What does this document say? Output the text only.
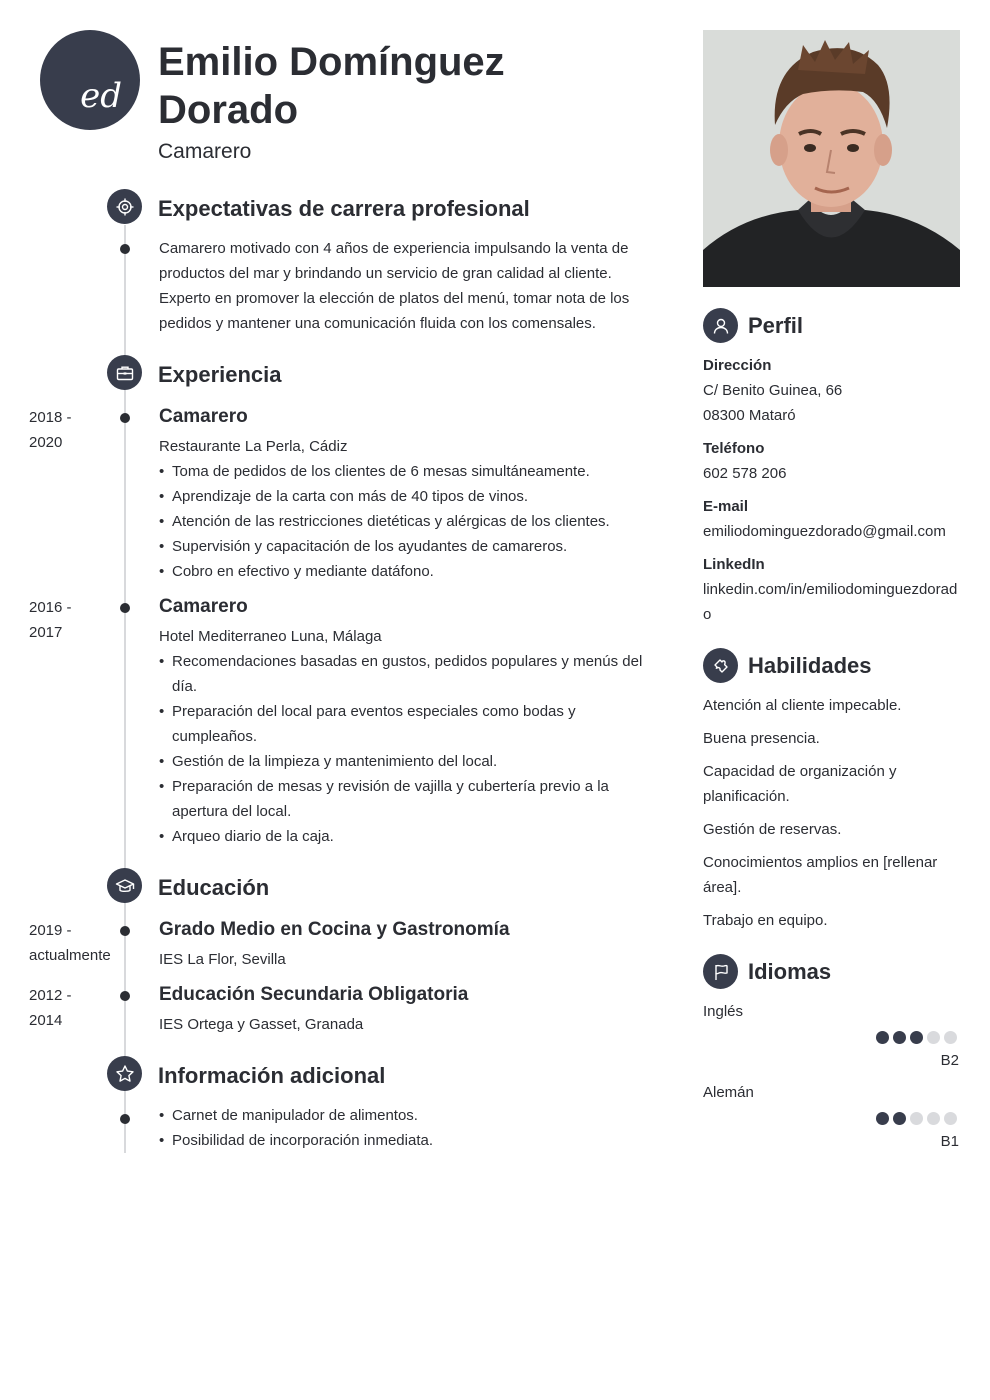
ed
Emilio Domínguez Dorado
Camarero
Expectativas de carrera profesional
Camarero motivado con 4 años de experiencia impulsando la venta de productos del mar y brindando un servicio de gran calidad al cliente. Experto en promover la elección de platos del menú, tomar nota de los pedidos y mantener una comunicación fluida con los comensales.
Experiencia
2018 -
2020
Camarero
Restaurante La Perla, Cádiz
• Toma de pedidos de los clientes de 6 mesas simultáneamente.
• Aprendizaje de la carta con más de 40 tipos de vinos.
• Atención de las restricciones dietéticas y alérgicas de los clientes.
• Supervisión y capacitación de los ayudantes de camareros.
• Cobro en efectivo y mediante datáfono.
2016 -
2017
Camarero
Hotel Mediterraneo Luna, Málaga
• Recomendaciones basadas en gustos, pedidos populares y menús del día.
• Preparación del local para eventos especiales como bodas y cumpleaños.
• Gestión de la limpieza y mantenimiento del local.
• Preparación de mesas y revisión de vajilla y cubertería previo a la apertura del local.
• Arqueo diario de la caja.
Educación
2019 -
actualmente
Grado Medio en Cocina y Gastronomía
IES La Flor, Sevilla
2012 -
2014
Educación Secundaria Obligatoria
IES Ortega y Gasset, Granada
Información adicional
• Carnet de manipulador de alimentos.
• Posibilidad de incorporación inmediata.
Perfil
Dirección
C/ Benito Guinea, 66
08300 Mataró
Teléfono
602 578 206
E-mail
emiliodominguezdorado@gmail.com
LinkedIn
linkedin.com/in/emiliodominguezdorado
Habilidades
Atención al cliente impecable.
Buena presencia.
Capacidad de organización y planificación.
Gestión de reservas.
Conocimientos amplios en [rellenar área].
Trabajo en equipo.
Idiomas
Inglés
B2
Alemán
B1
